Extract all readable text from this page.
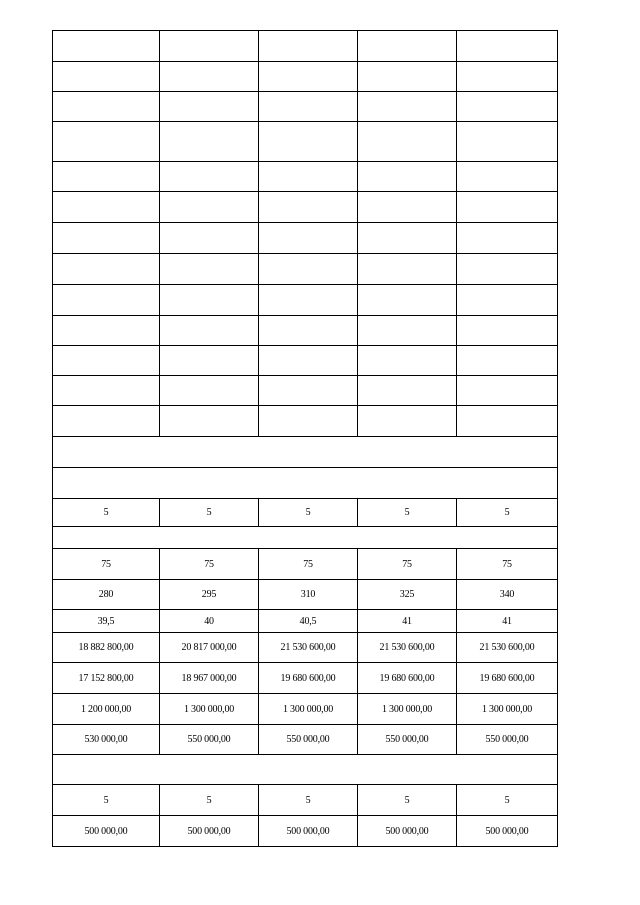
5	5	5	5	5

75	75	75	75	75
280	295	310	325	340
39,5	40	40,5	41	41
18 882 800,00	20 817 000,00	21 530 600,00	21 530 600,00	21 530 600,00
17 152 800,00	18 967 000,00	19 680 600,00	19 680 600,00	19 680 600,00
1 200 000,00	1 300 000,00	1 300 000,00	1 300 000,00	1 300 000,00
530 000,00	550 000,00	550 000,00	550 000,00	550 000,00

5	5	5	5	5
500 000,00	500 000,00	500 000,00	500 000,00	500 000,00
